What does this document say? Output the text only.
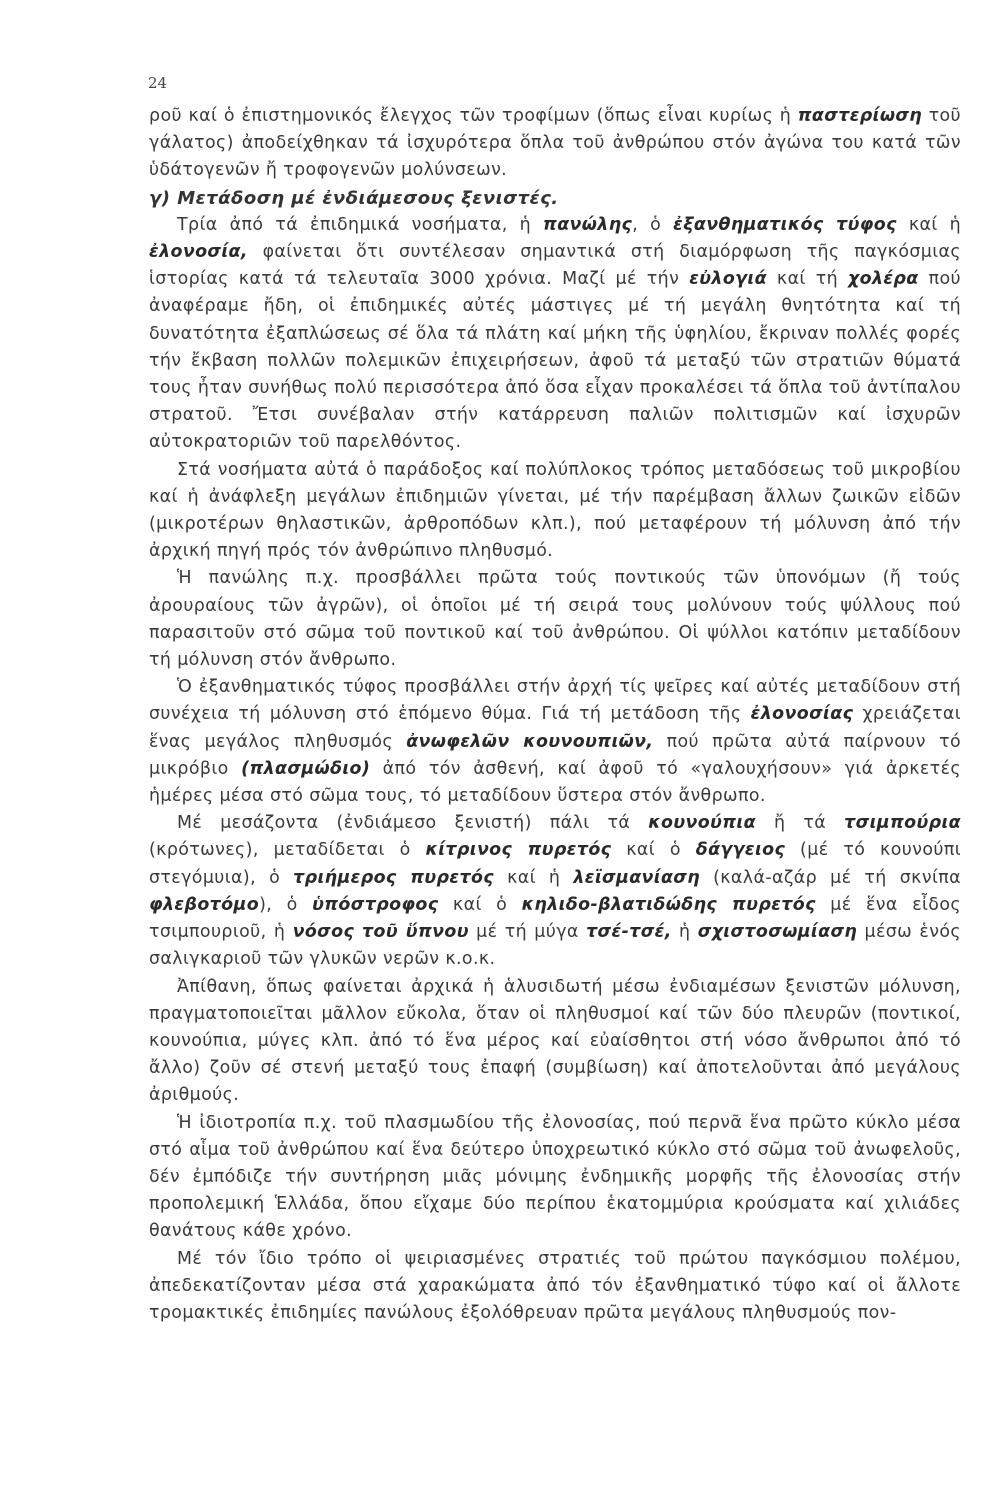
24

ροῦ καί ὁ ἐπιστημονικός ἔλεγχος τῶν τροφίμων (ὅπως εἶναι κυρίως ἡ παστερίωση τοῦ γάλατος) ἀποδείχθηκαν τά ἰσχυρότερα ὅπλα τοῦ ἀνθρώπου στόν ἀγώνα του κατά τῶν ὑδάτογενῶν ἤ τροφογενῶν μολύνσεων.

γ) Μετάδοση μέ ἐνδιάμεσους ξενιστές.

Τρία ἀπό τά ἐπιδημικά νοσήματα, ἡ πανώλης, ὁ ἐξανθηματικός τύφος καί ἡ ἐλονοσία, φαίνεται ὅτι συντέλεσαν σημαντικά στή διαμόρφωση τῆς παγκόσμιας ἱστορίας κατά τά τελευταῖα 3000 χρόνια. Μαζί μέ τήν εὐλογιά καί τή χολέρα πού ἀναφέραμε ἤδη, οἱ ἐπιδημικές αὐτές μάστιγες μέ τή μεγάλη θνητότητα καί τή δυνατότητα ἐξαπλώσεως σέ ὅλα τά πλάτη καί μήκη τῆς ὑφηλίου, ἔκριναν πολλές φορές τήν ἔκβαση πολλῶν πολεμικῶν ἐπιχειρήσεων, ἀφοῦ τά μεταξύ τῶν στρατιῶν θύματά τους ἦταν συνήθως πολύ περισσότερα ἀπό ὅσα εἶχαν προκαλέσει τά ὅπλα τοῦ ἀντίπαλου στρατοῦ. Ἔτσι συνέβαλαν στήν κατάρρευση παλιῶν πολιτισμῶν καί ἰσχυρῶν αὐτοκρατοριῶν τοῦ παρελθόντος.

Στά νοσήματα αὐτά ὁ παράδοξος καί πολύπλοκος τρόπος μεταδόσεως τοῦ μικροβίου καί ἡ ἀνάφλεξη μεγάλων ἐπιδημιῶν γίνεται, μέ τήν παρέμβαση ἄλλων ζωικῶν εἰδῶν (μικροτέρων θηλαστικῶν, ἀρθροπόδων κλπ.), πού μεταφέρουν τή μόλυνση ἀπό τήν ἀρχική πηγή πρός τόν ἀνθρώπινο πληθυσμό.

Ἡ πανώλης π.χ. προσβάλλει πρῶτα τούς ποντικούς τῶν ὑπονόμων (ἤ τούς ἀρουραίους τῶν ἀγρῶν), οἱ ὁποῖοι μέ τή σειρά τους μολύνουν τούς ψύλλους πού παρασιτοῦν στό σῶμα τοῦ ποντικοῦ καί τοῦ ἀνθρώπου. Οἱ ψύλλοι κατόπιν μεταδίδουν τή μόλυνση στόν ἄνθρωπο.

Ὁ ἐξανθηματικός τύφος προσβάλλει στήν ἀρχή τίς ψεῖρες καί αὐτές μεταδίδουν στή συνέχεια τή μόλυνση στό ἑπόμενο θύμα. Γιά τή μετάδοση τῆς ἐλονοσίας χρειάζεται ἕνας μεγάλος πληθυσμός ἀνωφελῶν κουνουπιῶν, πού πρῶτα αὐτά παίρνουν τό μικρόβιο (πλασμώδιο) ἀπό τόν ἀσθενή, καί ἀφοῦ τό «γαλουχήσουν» γιά ἀρκετές ἡμέρες μέσα στό σῶμα τους, τό μεταδίδουν ὕστερα στόν ἄνθρωπο.

Μέ μεσάζοντα (ἐνδιάμεσο ξενιστή) πάλι τά κουνούπια ἤ τά τσιμπούρια (κρότωνες), μεταδίδεται ὁ κίτρινος πυρετός καί ὁ δάγγειος (μέ τό κουνούπι στεγόμυια), ὁ τριήμερος πυρετός καί ἡ λεϊσμανίαση (καλά-αζάρ μέ τή σκνίπα φλεβοτόμο), ὁ ὑπόστροφος καί ὁ κηλιδο-βλατιδώδης πυρετός μέ ἕνα εἶδος τσιμπουριοῦ, ἡ νόσος τοῦ ὕπνου μέ τή μύγα τσέ-τσέ, ἡ σχιστοσωμίαση μέσω ἑνός σαλιγκαριοῦ τῶν γλυκῶν νερῶν κ.ο.κ.

Ἀπίθανη, ὅπως φαίνεται ἀρχικά ἡ ἁλυσιδωτή μέσω ἐνδιαμέσων ξενιστῶν μόλυνση, πραγματοποιεῖται μᾶλλον εὔκολα, ὅταν οἱ πληθυσμοί καί τῶν δύο πλευρῶν (ποντικοί, κουνούπια, μύγες κλπ. ἀπό τό ἕνα μέρος καί εὐαίσθητοι στή νόσο ἄνθρωποι ἀπό τό ἄλλο) ζοῦν σέ στενή μεταξύ τους ἐπαφή (συμβίωση) καί ἀποτελοῦνται ἀπό μεγάλους ἀριθμούς.

Ἡ ἰδιοτροπία π.χ. τοῦ πλασμωδίου τῆς ἐλονοσίας, πού περνᾶ ἕνα πρῶτο κύκλο μέσα στό αἷμα τοῦ ἀνθρώπου καί ἕνα δεύτερο ὑποχρεωτικό κύκλο στό σῶμα τοῦ ἀνωφελοῦς, δέν ἐμπόδιζε τήν συντήρηση μιᾶς μόνιμης ἐνδημικῆς μορφῆς τῆς ἐλονοσίας στήν προπολεμική Ἑλλάδα, ὅπου εἴχαμε δύο περίπου ἑκατομμύρια κρούσματα καί χιλιάδες θανάτους κάθε χρόνο.

Μέ τόν ἴδιο τρόπο οἱ ψειριασμένες στρατιές τοῦ πρώτου παγκόσμιου πολέμου, ἀπεδεκατίζονταν μέσα στά χαρακώματα ἀπό τόν ἐξανθηματικό τύφο καί οἱ ἄλλοτε τρομακτικές ἐπιδημίες πανώλους ἐξολόθρευαν πρῶτα μεγάλους πληθυσμούς πον-
